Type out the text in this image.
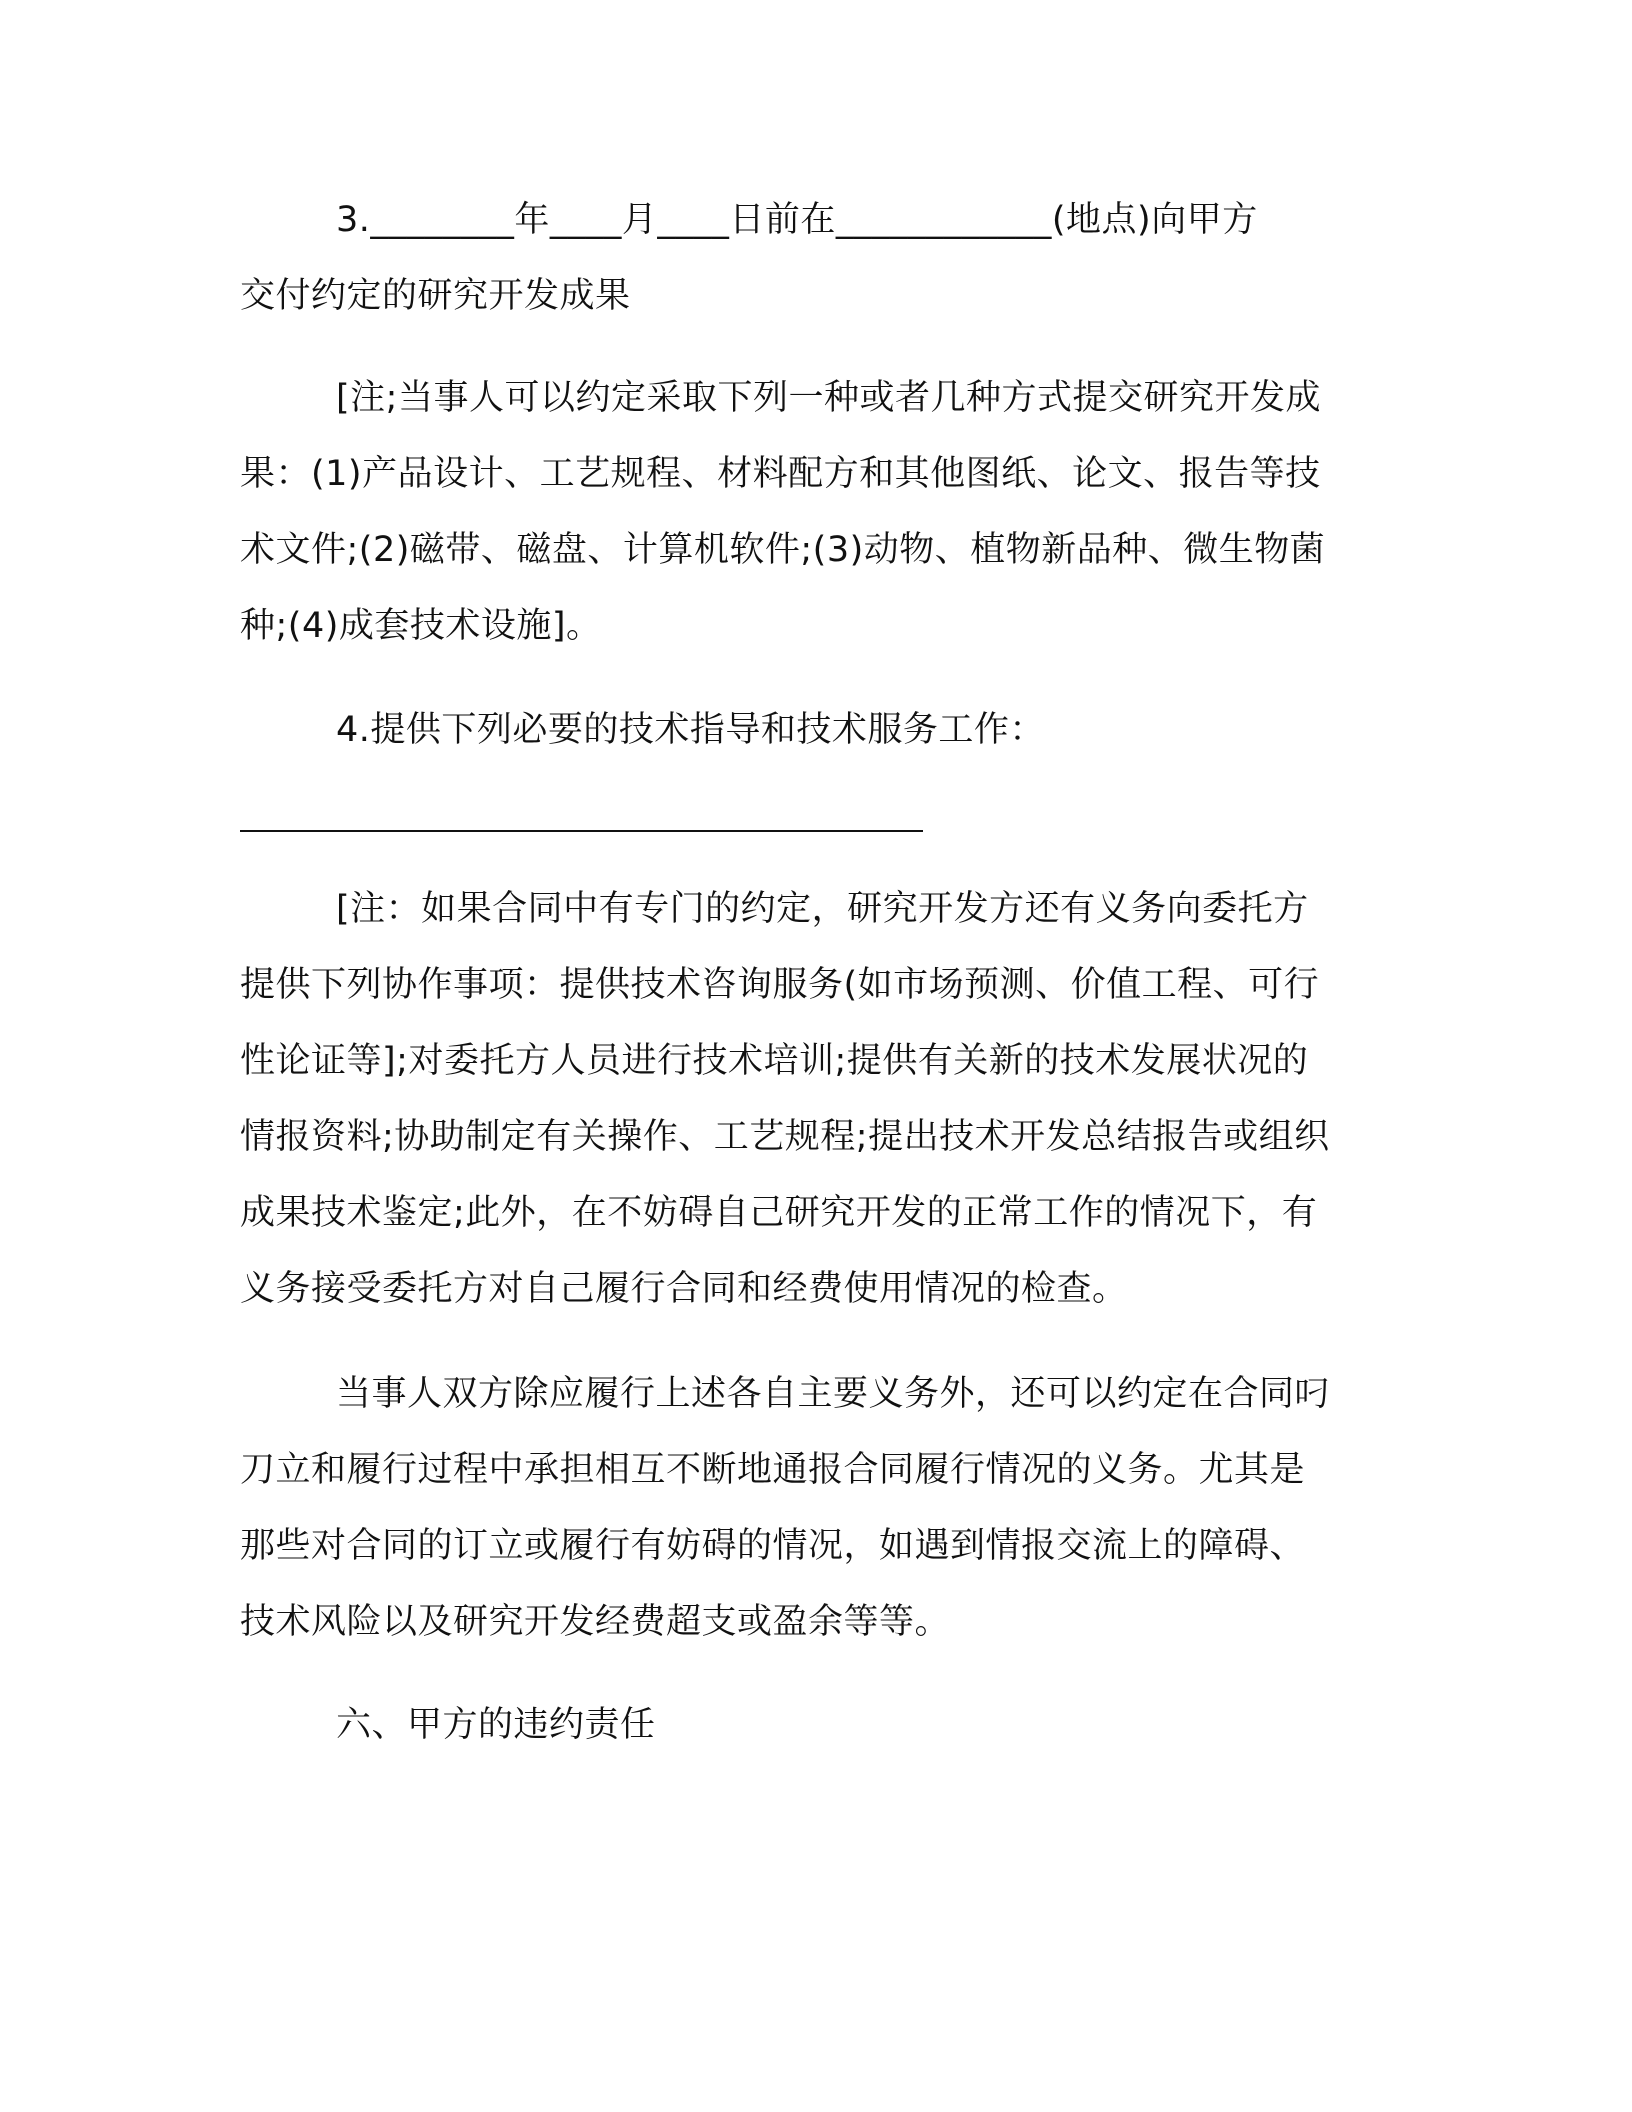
3.________年____月____日前在____________(地点)向甲方
交付约定的研究开发成果
[注;当事人可以约定采取下列一种或者几种方式提交研究开发成
果：(1)产品设计、工艺规程、材料配方和其他图纸、论文、报告等技
术文件;(2)磁带、磁盘、计算机软件;(3)动物、植物新品种、微生物菌
种;(4)成套技术设施]。
4.提供下列必要的技术指导和技术服务工作：
[注：如果合同中有专门的约定，研究开发方还有义务向委托方
提供下列协作事项：提供技术咨询服务(如市场预测、价值工程、可行
性论证等];对委托方人员进行技术培训;提供有关新的技术发展状况的
情报资料;协助制定有关操作、工艺规程;提出技术开发总结报告或组织
成果技术鉴定;此外，在不妨碍自己研究开发的正常工作的情况下，有
义务接受委托方对自己履行合同和经费使用情况的检查。
当事人双方除应履行上述各自主要义务外，还可以约定在合同叼
刀立和履行过程中承担相互不断地通报合同履行情况的义务。尤其是
那些对合同的订立或履行有妨碍的情况，如遇到情报交流上的障碍、
技术风险以及研究开发经费超支或盈余等等。
六、甲方的违约责任
